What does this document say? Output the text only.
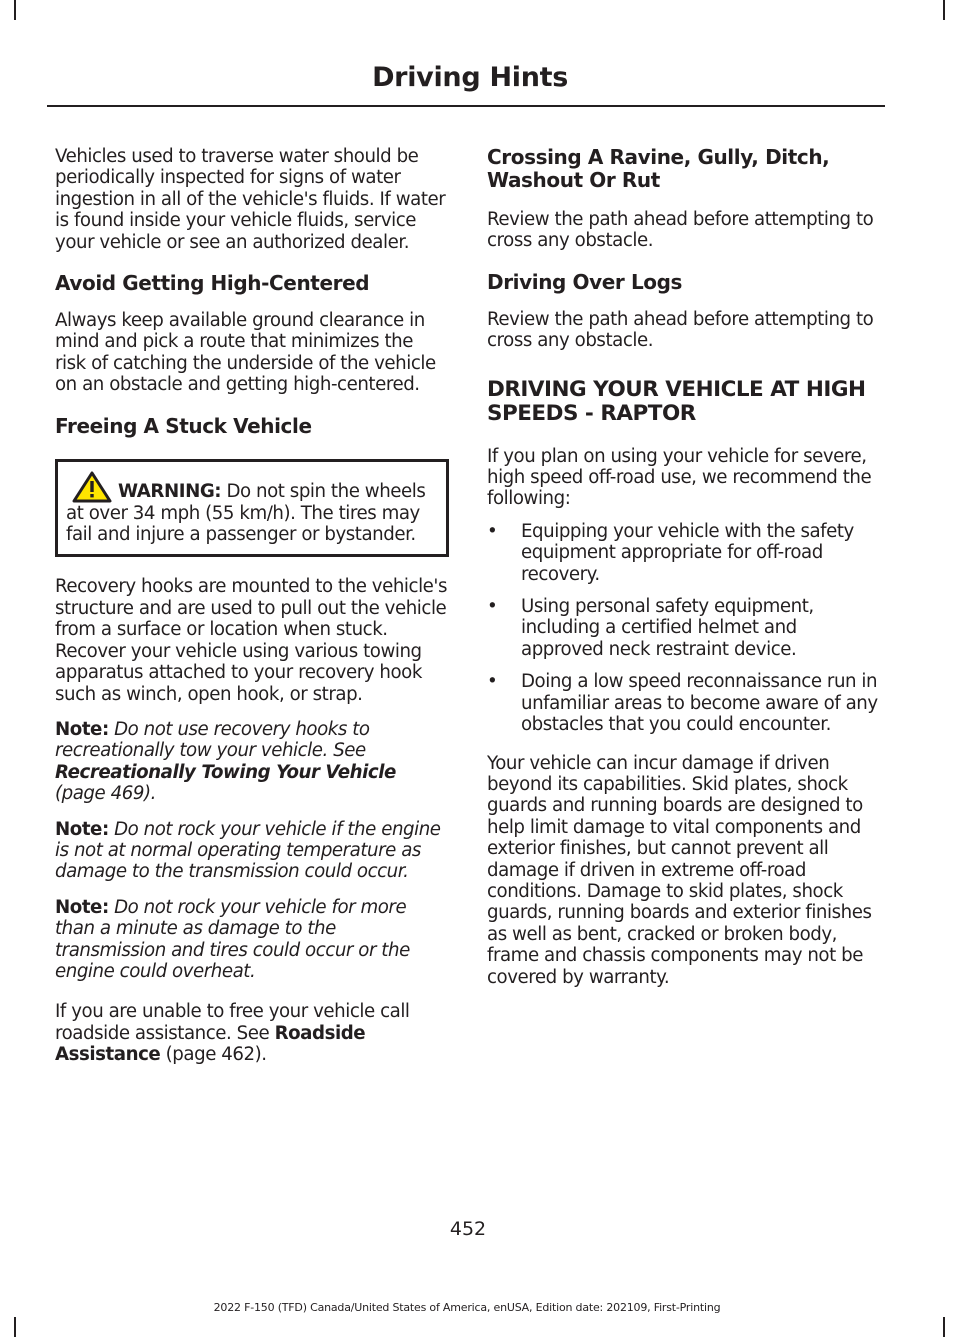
Driving Hints

Vehicles used to traverse water should be periodically inspected for signs of water ingestion in all of the vehicle's fluids. If water is found inside your vehicle fluids, service your vehicle or see an authorized dealer.

Avoid Getting High-Centered

Always keep available ground clearance in mind and pick a route that minimizes the risk of catching the underside of the vehicle on an obstacle and getting high-centered.

Freeing A Stuck Vehicle
WARNING: Do not spin the wheels at over 34 mph (55 km/h). The tires may fail and injure a passenger or bystander.

Recovery hooks are mounted to the vehicle's structure and are used to pull out the vehicle from a surface or location when stuck. Recover your vehicle using various towing apparatus attached to your recovery hook such as winch, open hook, or strap.

Note: Do not use recovery hooks to recreationally tow your vehicle. See Recreationally Towing Your Vehicle (page 469).

Note: Do not rock your vehicle if the engine is not at normal operating temperature as damage to the transmission could occur.

Note: Do not rock your vehicle for more than a minute as damage to the transmission and tires could occur or the engine could overheat.

If you are unable to free your vehicle call roadside assistance. See Roadside Assistance (page 462).

Crossing A Ravine, Gully, Ditch, Washout Or Rut

Review the path ahead before attempting to cross any obstacle.

Driving Over Logs

Review the path ahead before attempting to cross any obstacle.

DRIVING YOUR VEHICLE AT HIGH SPEEDS - RAPTOR

If you plan on using your vehicle for severe, high speed off-road use, we recommend the following:

• Equipping your vehicle with the safety equipment appropriate for off-road recovery.
• Using personal safety equipment, including a certified helmet and approved neck restraint device.
• Doing a low speed reconnaissance run in unfamiliar areas to become aware of any obstacles that you could encounter.

Your vehicle can incur damage if driven beyond its capabilities. Skid plates, shock guards and running boards are designed to help limit damage to vital components and exterior finishes, but cannot prevent all damage if driven in extreme off-road conditions. Damage to skid plates, shock guards, running boards and exterior finishes as well as bent, cracked or broken body, frame and chassis components may not be covered by warranty.

452
2022 F-150 (TFD) Canada/United States of America, enUSA, Edition date: 202109, First-Printing
